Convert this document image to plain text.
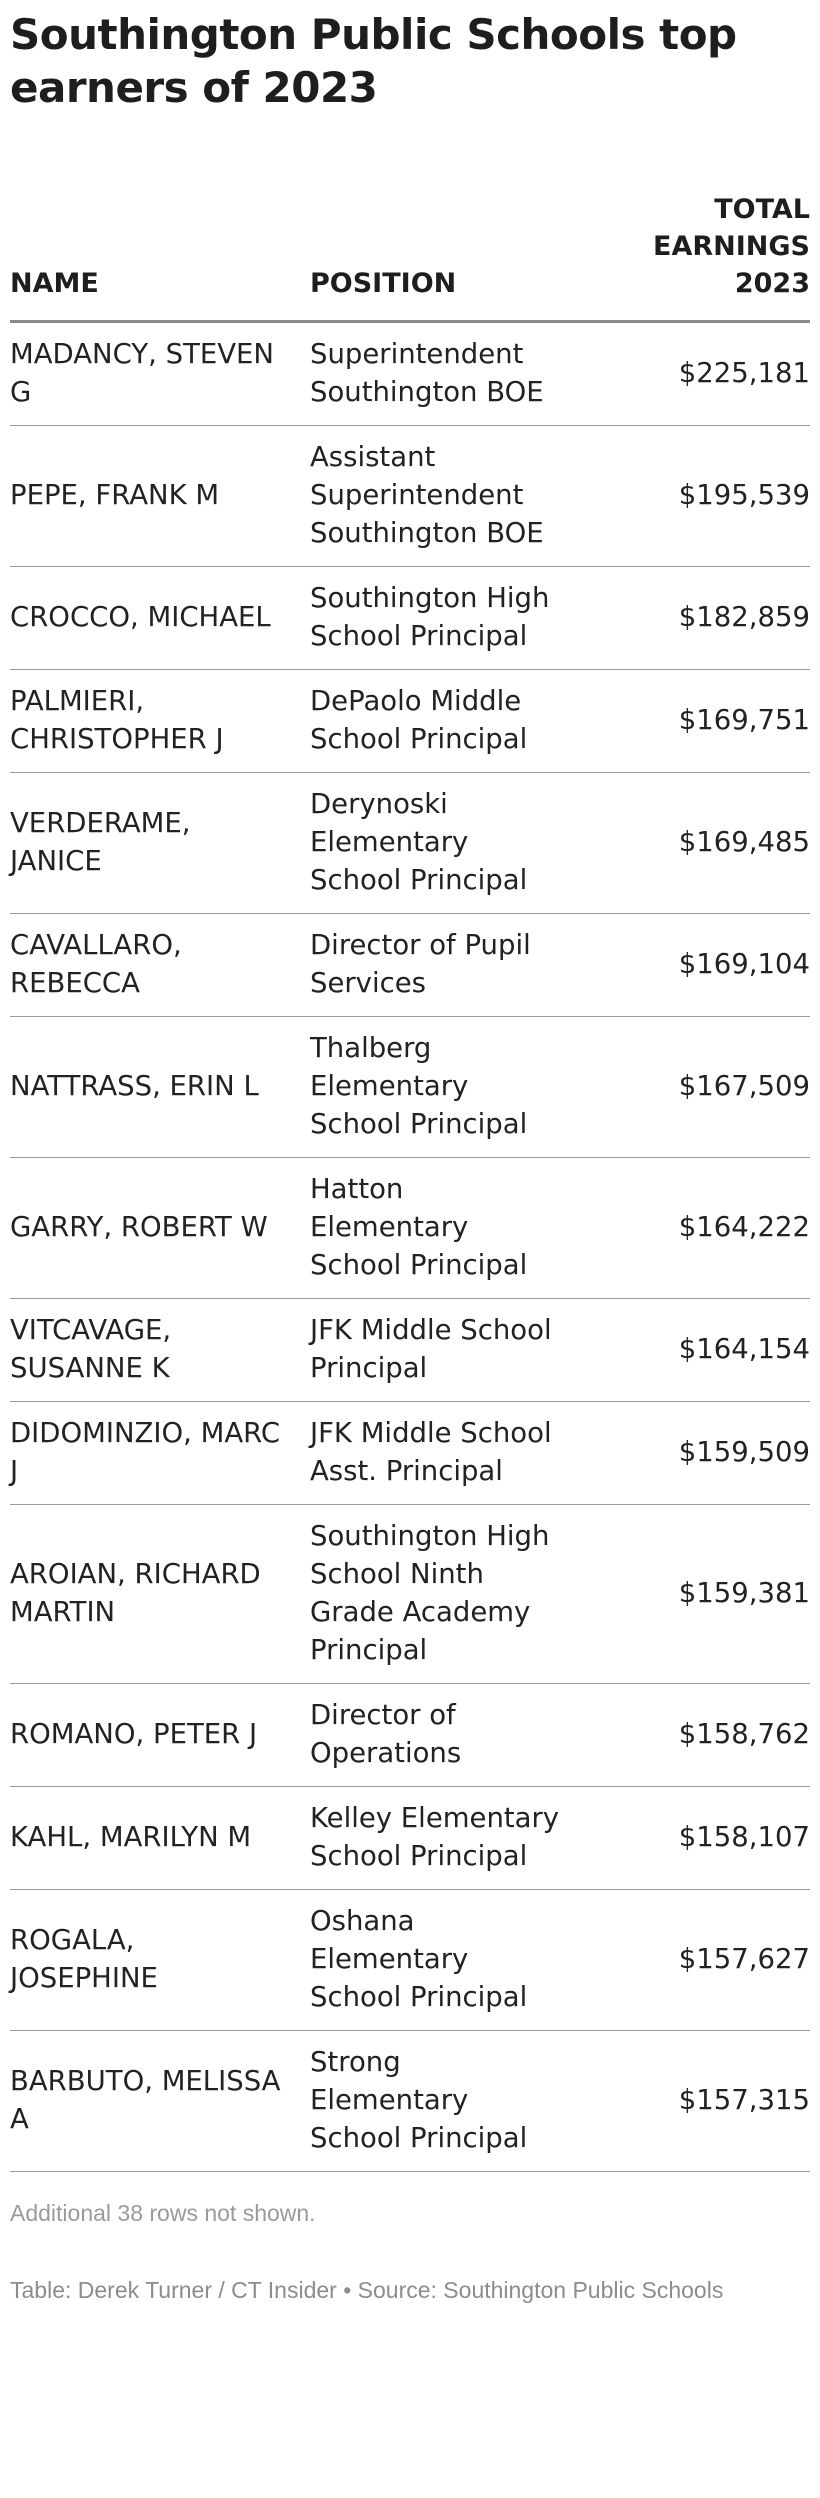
Southington Public Schools top earners of 2023
NAME	POSITION	TOTAL
EARNINGS
2023
MADANCY, STEVEN G	Superintendent Southington BOE	$225,181
PEPE, FRANK M	Assistant Superintendent Southington BOE	$195,539
CROCCO, MICHAEL	Southington High School Principal	$182,859
PALMIERI, CHRISTOPHER J	DePaolo Middle School Principal	$169,751
VERDERAME, JANICE	Derynoski Elementary School Principal	$169,485
CAVALLARO, REBECCA	Director of Pupil Services	$169,104
NATTRASS, ERIN L	Thalberg Elementary School Principal	$167,509
GARRY, ROBERT W	Hatton Elementary School Principal	$164,222
VITCAVAGE, SUSANNE K	JFK Middle School Principal	$164,154
DIDOMINZIO, MARC J	JFK Middle School Asst. Principal	$159,509
AROIAN, RICHARD MARTIN	Southington High School Ninth Grade Academy Principal	$159,381
ROMANO, PETER J	Director of Operations	$158,762
KAHL, MARILYN M	Kelley Elementary School Principal	$158,107
ROGALA, JOSEPHINE	Oshana Elementary School Principal	$157,627
BARBUTO, MELISSA A	Strong Elementary School Principal	$157,315
Additional 38 rows not shown.
Table: Derek Turner / CT Insider • Source: Southington Public Schools
